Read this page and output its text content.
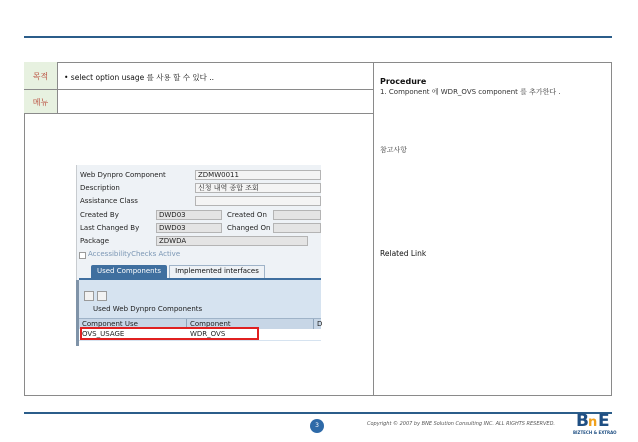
목적	• select option usage 를 사용 할 수 있다 ..
메뉴
Procedure
1. Component 에 WDR_OVS component 를 추가한다 .
참고사항
Related Link
Web Dynpro Component	ZDMW0011
Description	신청 내역 종합 조회
Assistance Class
Created By	DWD03	Created On
Last Changed By	DWD03	Changed On
Package	ZDWDA
AccessibilityChecks Active
Used Components	Implemented interfaces
Used Web Dynpro Components
Component Use	Component	D
OVS_USAGE	WDR_OVS
3	Copyright © 2007 by BNE Solution Consulting INC. ALL RIGHTS RESERVED. B n E
BIZTECH & EXTRAO
